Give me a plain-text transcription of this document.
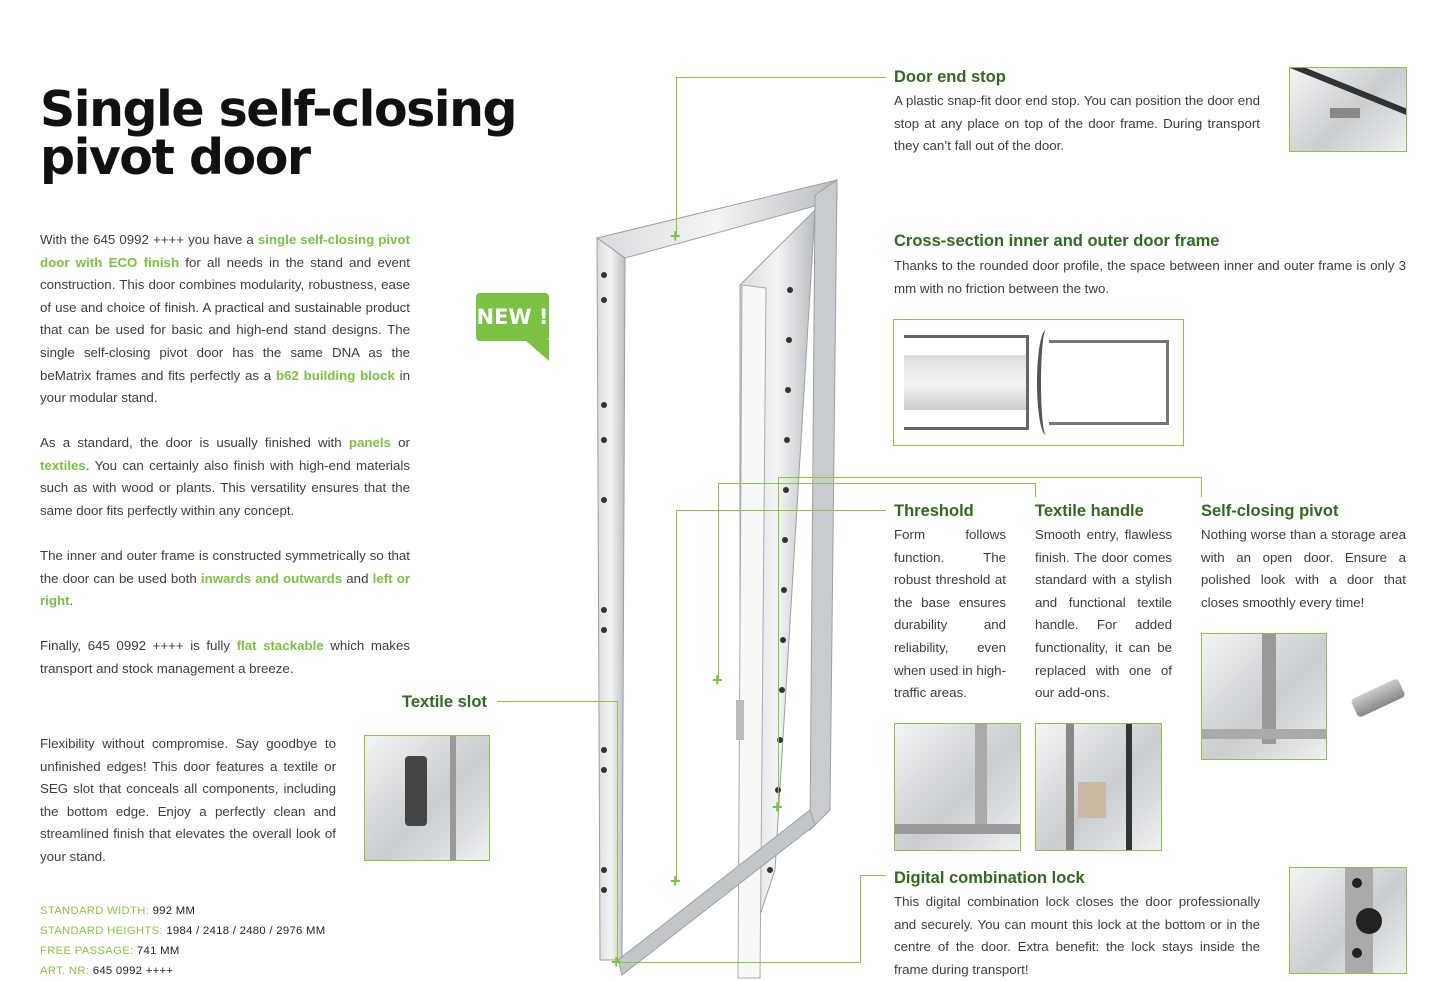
Single self-closing
pivot door

With the 645 0992 ++++ you have a single self-closing pivot door with ECO finish for all needs in the stand and event construction. This door combines modularity, robustness, ease of use and choice of finish. A practical and sustainable product that can be used for basic and high-end stand designs. The single self-closing pivot door has the same DNA as the beMatrix frames and fits perfectly as a b62 building block in your modular stand.

As a standard, the door is usually finished with panels or textiles. You can certainly also finish with high-end materials such as with wood or plants. This versatility ensures that the same door fits perfectly within any concept.

The inner and outer frame is constructed symmetrically so that the door can be used both inwards and outwards and left or right.

Finally, 645 0992 ++++ is fully flat stackable which makes transport and stock management a breeze.

NEW !
Textile slot

Flexibility without compromise. Say goodbye to unfinished edges! This door features a textile or SEG slot that conceals all components, including the bottom edge. Enjoy a perfectly clean and streamlined finish that elevates the overall look of your stand.

STANDARD WIDTH: 992 MM
STANDARD HEIGHTS: 1984 / 2418 / 2480 / 2976 MM
FREE PASSAGE: 741 MM
ART. NR: 645 0992 ++++
+
+
+
+
+
Door end stop

A plastic snap-fit door end stop. You can position the door end stop at any place on top of the door frame. During transport they can’t fall out of the door.

Cross-section inner and outer door frame

Thanks to the rounded door profile, the space between inner and outer frame is only 3 mm with no friction between the two.

Threshold

Form follows function. The robust threshold at the base ensures durability and reliability, even when used in high-traffic areas.

Textile handle

Smooth entry, flawless finish. The door comes standard with a stylish and functional textile handle. For added functionality, it can be replaced with one of our add-ons.

Self-closing pivot

Nothing worse than a storage area with an open door. Ensure a polished look with a door that closes smoothly every time!

Digital combination lock

This digital combination lock closes the door professionally and securely. You can mount this lock at the bottom or in the centre of the door. Extra benefit: the lock stays inside the frame during transport!
